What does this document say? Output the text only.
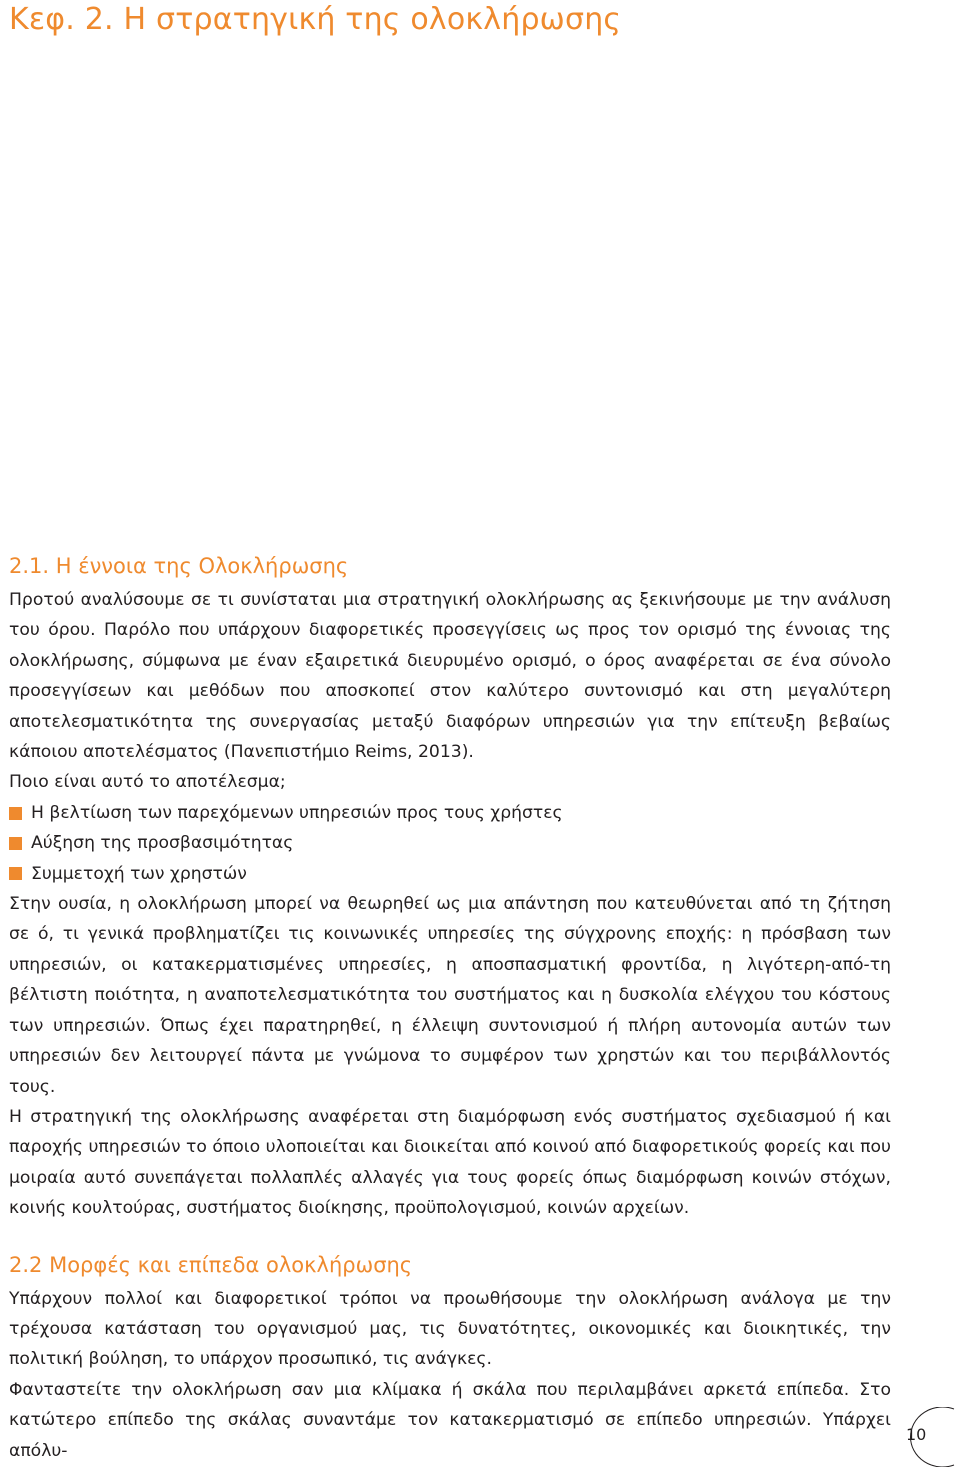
Κεφ. 2. Η στρατηγική της ολοκλήρωσης
2.1. Η έννοια της Ολοκλήρωσης

Προτού αναλύσουμε σε τι συνίσταται μια στρατηγική ολοκλήρωσης ας ξεκινήσουμε με την ανάλυση του όρου. Παρόλο που υπάρχουν διαφορετικές προσεγγίσεις ως προς τον ορισμό της έννοιας της ολοκλήρωσης, σύμφωνα με έναν εξαιρετικά διευρυμένο ορισμό, ο όρος αναφέρεται σε ένα σύνολο προσεγγίσεων και μεθόδων που αποσκοπεί στον καλύτερο συντονισμό και στη μεγαλύτερη αποτελεσματικότητα της συνεργασίας μεταξύ διαφόρων υπηρεσιών για την επίτευξη βεβαίως κάποιου αποτελέσματος (Πανεπιστήμιο Reims, 2013).

Ποιο είναι αυτό το αποτέλεσμα;

Η βελτίωση των παρεχόμενων υπηρεσιών προς τους χρήστες
Αύξηση της προσβασιμότητας
Συμμετοχή των χρηστών

Στην ουσία, η ολοκλήρωση μπορεί να θεωρηθεί ως μια απάντηση που κατευθύνεται από τη ζήτηση σε ό, τι γενικά προβληματίζει τις κοινωνικές υπηρεσίες της σύγχρονης εποχής: η πρόσβαση των υπηρεσιών, οι κατακερματισμένες υπηρεσίες, η αποσπασματική φροντίδα, η λιγότερη-από-τη βέλτιστη ποιότητα, η αναποτελεσματικότητα του συστήματος και η δυσκολία ελέγχου του κόστους των υπηρεσιών. Όπως έχει παρατηρηθεί, η έλλειψη συντονισμού ή πλήρη αυτονομία αυτών των υπηρεσιών δεν λειτουργεί πάντα με γνώμονα το συμφέρον των χρηστών και του περιβάλλοντός τους.

Η στρατηγική της ολοκλήρωσης αναφέρεται στη διαμόρφωση ενός συστήματος σχεδιασμού ή και παροχής υπηρεσιών το όποιο υλοποιείται και διοικείται από κοινού από διαφορετικούς φορείς και που μοιραία αυτό συνεπάγεται πολλαπλές αλλαγές για τους φορείς όπως διαμόρφωση κοινών στόχων, κοινής κουλτούρας, συστήματος διοίκησης, προϋπολογισμού, κοινών αρχείων.

2.2 Μορφές και επίπεδα ολοκλήρωσης

Υπάρχουν πολλοί και διαφορετικοί τρόποι να προωθήσουμε την ολοκλήρωση ανάλογα με την τρέχουσα κατάσταση του οργανισμού μας, τις δυνατότητες, οικονομικές και διοικητικές, την πολιτική βούληση, το υπάρχον προσωπικό, τις ανάγκες.

Φανταστείτε την ολοκλήρωση σαν μια κλίμακα ή σκάλα που περιλαμβάνει αρκετά επίπεδα. Στο κατώτερο επίπεδο της σκάλας συναντάμε τον κατακερματισμό σε επίπεδο υπηρεσιών. Υπάρχει απόλυ-

10
